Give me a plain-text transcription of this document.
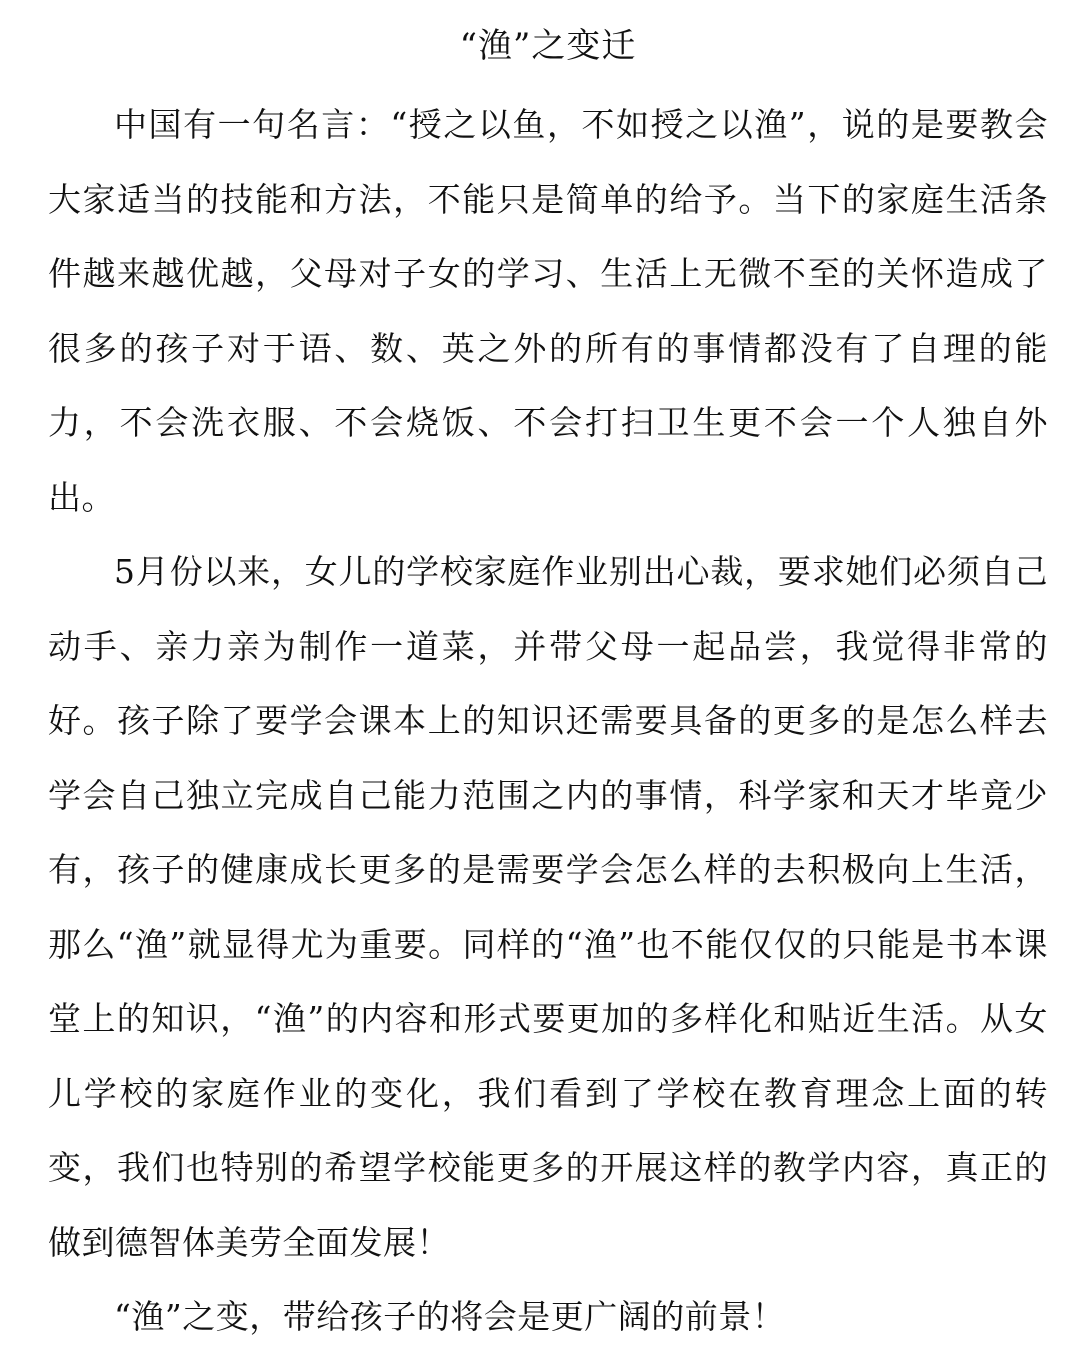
“渔”之变迁

中国有一句名言：“授之以鱼，不如授之以渔”，说的是要教会大家适当的技能和方法，不能只是简单的给予。当下的家庭生活条件越来越优越，父母对子女的学习、生活上无微不至的关怀造成了很多的孩子对于语、数、英之外的所有的事情都没有了自理的能力，不会洗衣服、不会烧饭、不会打扫卫生更不会一个人独自外出。

5月份以来，女儿的学校家庭作业别出心裁，要求她们必须自己动手、亲力亲为制作一道菜，并带父母一起品尝，我觉得非常的好。孩子除了要学会课本上的知识还需要具备的更多的是怎么样去学会自己独立完成自己能力范围之内的事情，科学家和天才毕竟少有，孩子的健康成长更多的是需要学会怎么样的去积极向上生活，那么“渔”就显得尤为重要。同样的“渔”也不能仅仅的只能是书本课堂上的知识，“渔”的内容和形式要更加的多样化和贴近生活。从女儿学校的家庭作业的变化，我们看到了学校在教育理念上面的转变，我们也特别的希望学校能更多的开展这样的教学内容，真正的做到德智体美劳全面发展！

“渔”之变，带给孩子的将会是更广阔的前景！
